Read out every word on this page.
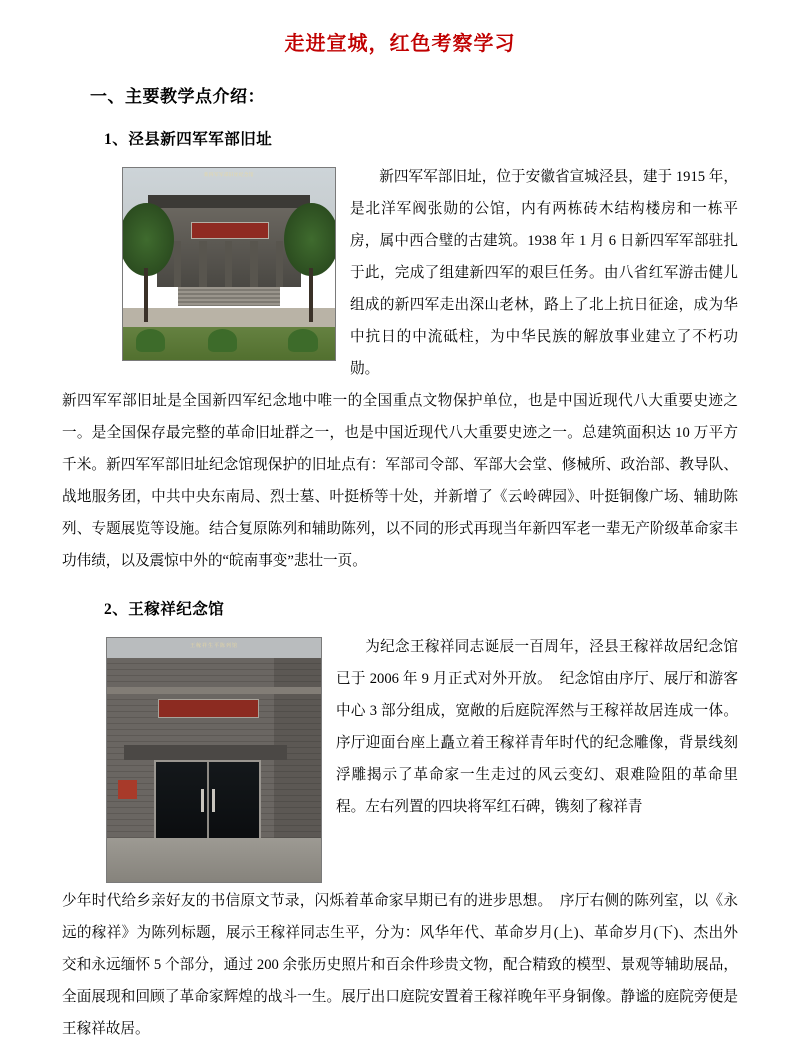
走进宣城，红色考察学习
一、主要教学点介绍：
1、泾县新四军军部旧址
新四军军部旧址纪念馆	新四军军部旧址，位于安徽省宣城泾县，建于 1915 年，是北洋军阀张勋的公馆，内有两栋砖木结构楼房和一栋平房，属中西合璧的古建筑。1938 年 1 月 6 日新四军军部驻扎于此，完成了组建新四军的艰巨任务。由八省红军游击健儿组成的新四军走出深山老林，路上了北上抗日征途，成为华中抗日的中流砥柱，为中华民族的解放事业建立了不朽功勋。

新四军军部旧址是全国新四军纪念地中唯一的全国重点文物保护单位，也是中国近现代八大重要史迹之一。是全国保存最完整的革命旧址群之一，也是中国近现代八大重要史迹之一。总建筑面积达 10 万平方千米。新四军军部旧址纪念馆现保护的旧址点有：军部司令部、军部大会堂、修械所、政治部、教导队、战地服务团，中共中央东南局、烈士墓、叶挺桥等十处，并新增了《云岭碑园》、叶挺铜像广场、辅助陈列、专题展览等设施。结合复原陈列和辅助陈列，以不同的形式再现当年新四军老一辈无产阶级革命家丰功伟绩，以及震惊中外的“皖南事变”悲壮一页。

2、王稼祥纪念馆
王稼祥生平陈列馆	为纪念王稼祥同志诞辰一百周年，泾县王稼祥故居纪念馆已于 2006 年 9 月正式对外开放。　纪念馆由序厅、展厅和游客中心 3 部分组成，宽敞的后庭院浑然与王稼祥故居连成一体。序厅迎面台座上矗立着王稼祥青年时代的纪念雕像，背景线刻浮雕揭示了革命家一生走过的风云变幻、艰难险阻的革命里程。左右列置的四块将军红石碑，镌刻了稼祥青

少年时代给乡亲好友的书信原文节录，闪烁着革命家早期已有的进步思想。　序厅右侧的陈列室，以《永远的稼祥》为陈列标题，展示王稼祥同志生平，分为：风华年代、革命岁月(上)、革命岁月(下)、杰出外交和永远缅怀 5 个部分，通过 200 余张历史照片和百余件珍贵文物，配合精致的模型、景观等辅助展品，全面展现和回顾了革命家辉煌的战斗一生。展厅出口庭院安置着王稼祥晚年平身铜像。静谧的庭院旁便是王稼祥故居。
